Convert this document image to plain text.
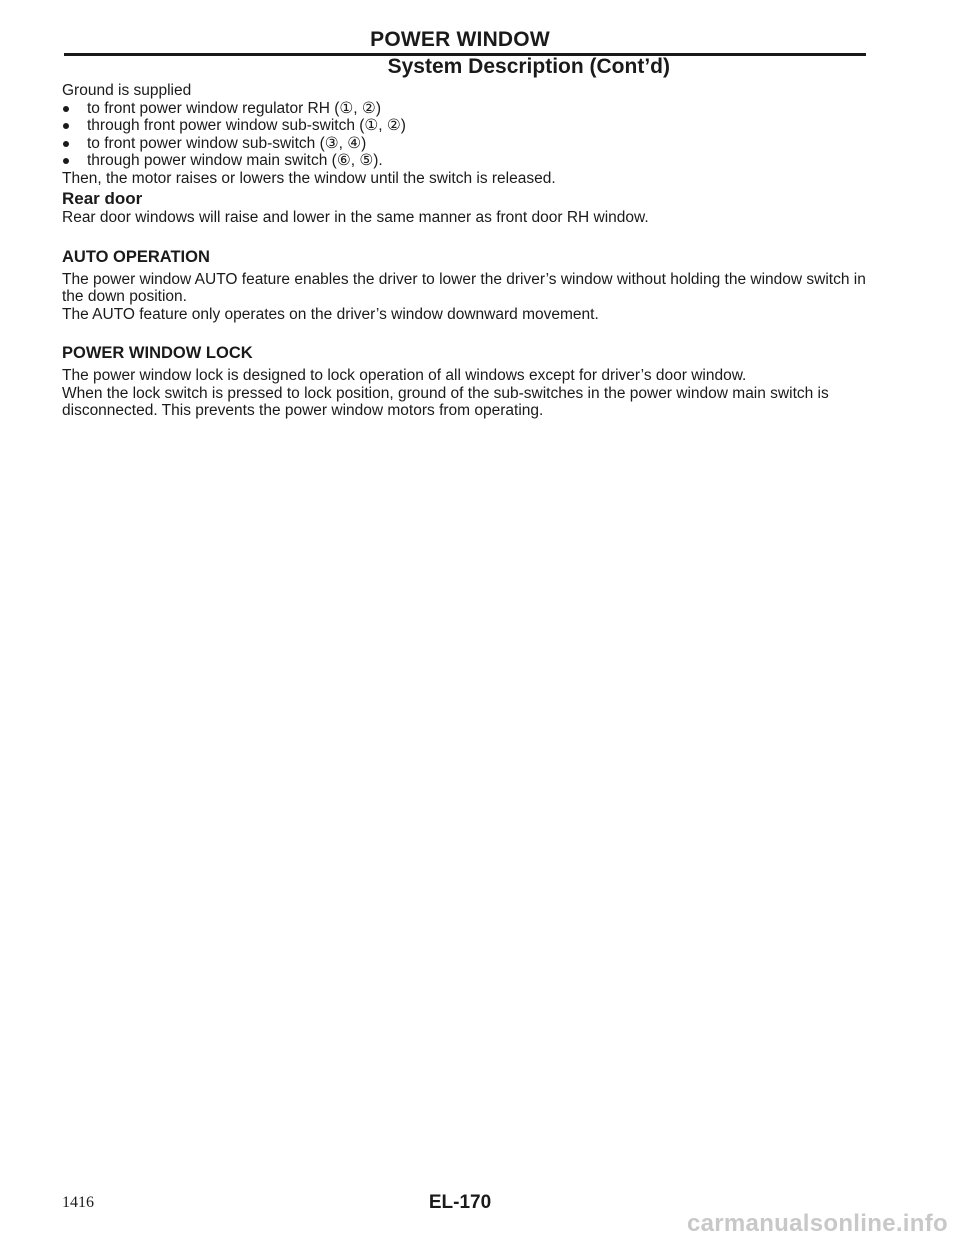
POWER WINDOW
System Description (Cont’d)

Ground is supplied

to front power window regulator RH (①, ②)
through front power window sub-switch (①, ②)
to front power window sub-switch (③, ④)
through power window main switch (⑥, ⑤).

Then, the motor raises or lowers the window until the switch is released.

Rear door

Rear door windows will raise and lower in the same manner as front door RH window.

AUTO OPERATION

The power window AUTO feature enables the driver to lower the driver’s window without holding the window switch in the down position.

The AUTO feature only operates on the driver’s window downward movement.

POWER WINDOW LOCK

The power window lock is designed to lock operation of all windows except for driver’s door window.

When the lock switch is pressed to lock position, ground of the sub-switches in the power window main switch is disconnected. This prevents the power window motors from operating.

1416	EL-170
carmanualsonline.info
